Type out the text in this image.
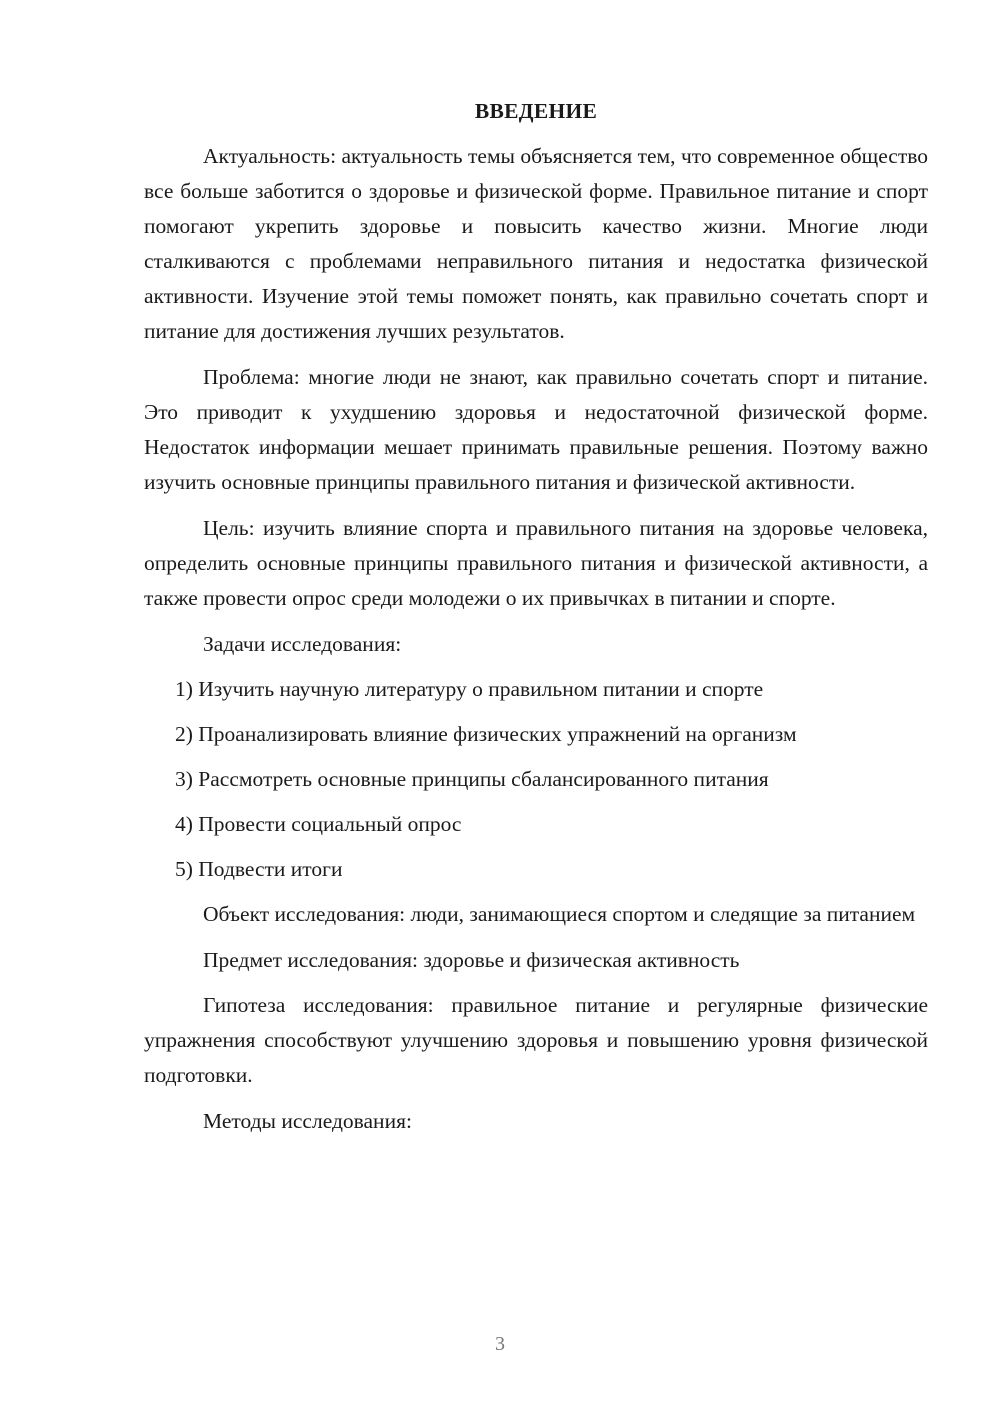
ВВЕДЕНИЕ

Актуальность: актуальность темы объясняется тем, что современное общество все больше заботится о здоровье и физической форме. Правильное питание и спорт помогают укрепить здоровье и повысить качество жизни. Многие люди сталкиваются с проблемами неправильного питания и недостатка физической активности. Изучение этой темы поможет понять, как правильно сочетать спорт и питание для достижения лучших результатов.

Проблема: многие люди не знают, как правильно сочетать спорт и питание. Это приводит к ухудшению здоровья и недостаточной физической форме. Недостаток информации мешает принимать правильные решения. Поэтому важно изучить основные принципы правильного питания и физической активности.

Цель: изучить влияние спорта и правильного питания на здоровье человека, определить основные принципы правильного питания и физической активности, а также провести опрос среди молодежи о их привычках в питании и спорте.

Задачи исследования:

1) Изучить научную литературу о правильном питании и спорте
2) Проанализировать влияние физических упражнений на организм
3) Рассмотреть основные принципы сбалансированного питания
4) Провести социальный опрос
5) Подвести итоги

Объект исследования: люди, занимающиеся спортом и следящие за питанием

Предмет исследования: здоровье и физическая активность

Гипотеза исследования: правильное питание и регулярные физические упражнения способствуют улучшению здоровья и повышению уровня физической подготовки.

Методы исследования:

3
